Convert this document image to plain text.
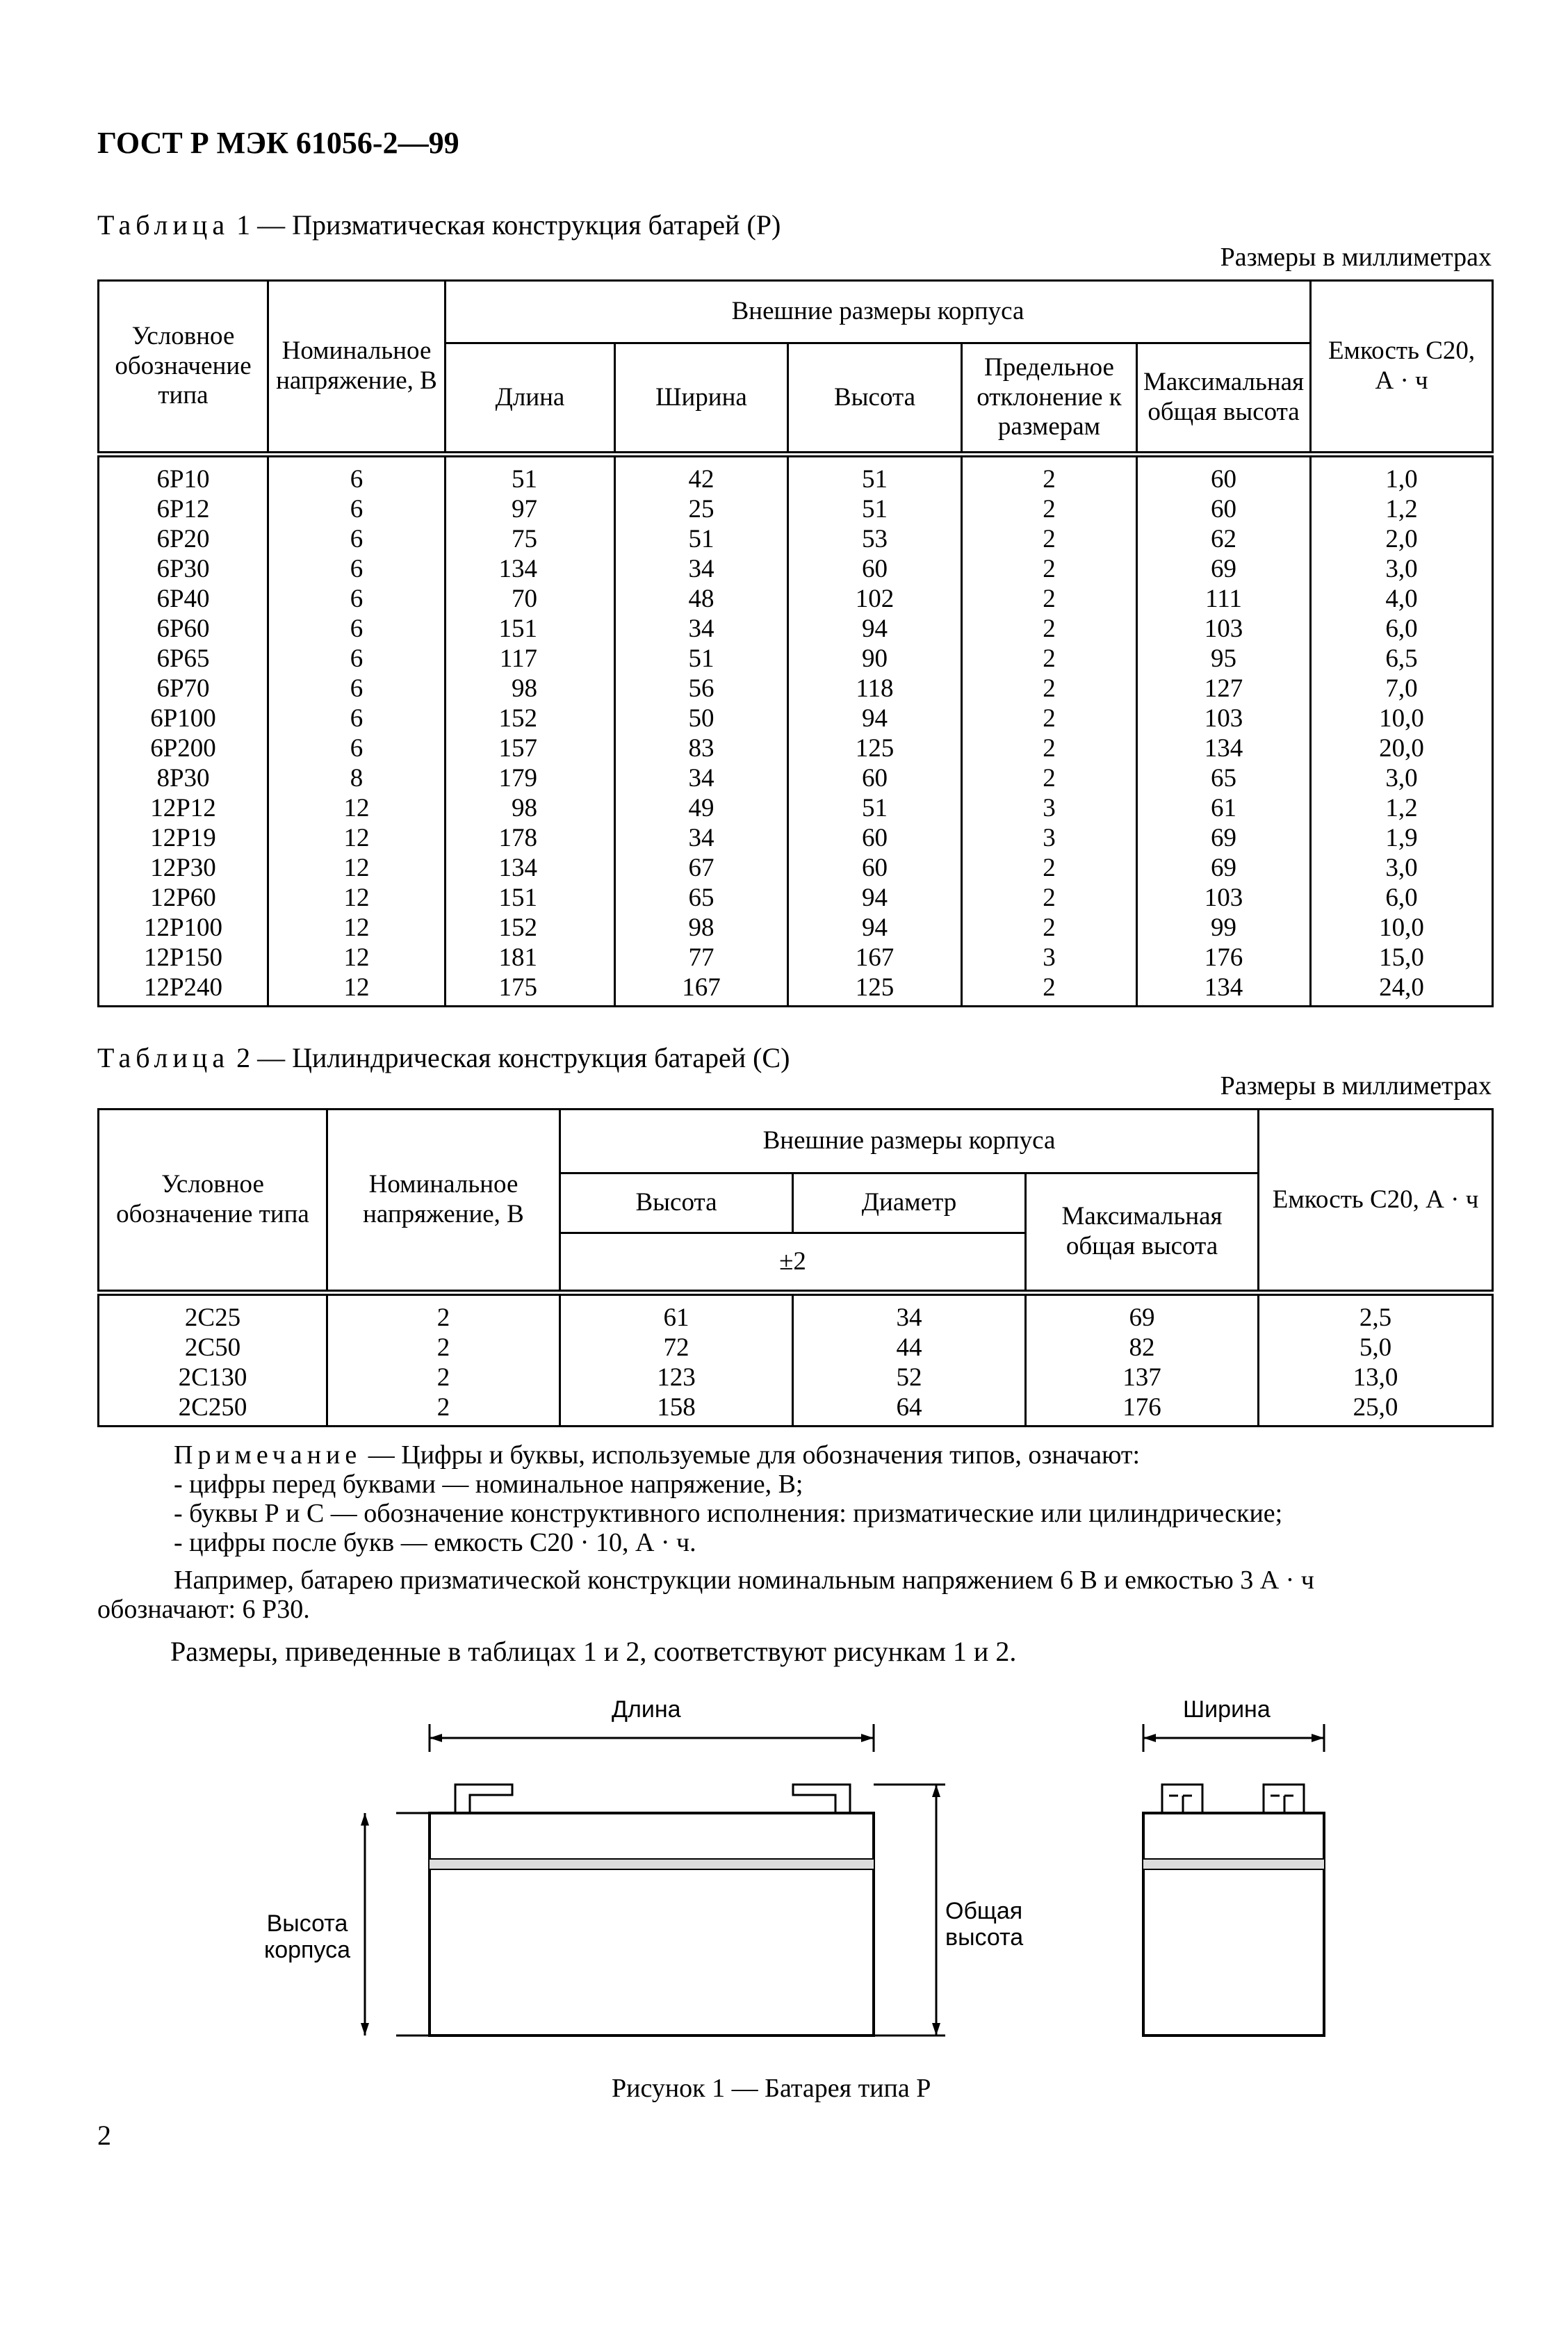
ГОСТ Р МЭК 61056-2—99
Таблица 1 — Призматическая конструкция батарей (Р)
Размеры в миллиметрах
Условное обозначение типа	Номинальное напряжение, В	Внешние размеры корпуса					Емкость C20, А · ч
		Длина	Ширина	Высота	Предельное отклонение к размерам	Максимальная общая высота	
6Р10	6	51	42	51	2	60	1,0
6Р12	6	97	25	51	2	60	1,2
6Р20	6	75	51	53	2	62	2,0
6Р30	6	134	34	60	2	69	3,0
6Р40	6	70	48	102	2	111	4,0
6Р60	6	151	34	94	2	103	6,0
6Р65	6	117	51	90	2	95	6,5
6Р70	6	98	56	118	2	127	7,0
6Р100	6	152	50	94	2	103	10,0
6Р200	6	157	83	125	2	134	20,0
8Р30	8	179	34	60	2	65	3,0
12Р12	12	98	49	51	3	61	1,2
12Р19	12	178	34	60	3	69	1,9
12Р30	12	134	67	60	2	69	3,0
12Р60	12	151	65	94	2	103	6,0
12Р100	12	152	98	94	2	99	10,0
12Р150	12	181	77	167	3	176	15,0
12Р240	12	175	167	125	2	134	24,0
Таблица 2 — Цилиндрическая конструкция батарей (С)
Размеры в миллиметрах
Условное обозначение типа	Номинальное напряжение, В	Внешние размеры корпуса			Емкость C20, А · ч
		Высота	Диаметр	Максимальная общая высота	
		±2			
2С25	2	61	34	69	2,5
2С50	2	72	44	82	5,0
2С130	2	123	52	137	13,0
2С250	2	158	64	176	25,0
Примечание — Цифры и буквы, используемые для обозначения типов, означают:
- цифры перед буквами — номинальное напряжение, В;
- буквы Р и С — обозначение конструктивного исполнения: призматические или цилиндрические;
- цифры после букв — емкость C20 · 10, А · ч.
Например, батарею призматической конструкции номинальным напряжением 6 В и емкостью 3 А · ч
обозначают: 6 Р30.
Размеры, приведенные в таблицах 1 и 2, соответствуют рисункам 1 и 2.
Длина	Ширина
Высота
корпуса
Общая
высота
Рисунок 1 — Батарея типа Р
2
